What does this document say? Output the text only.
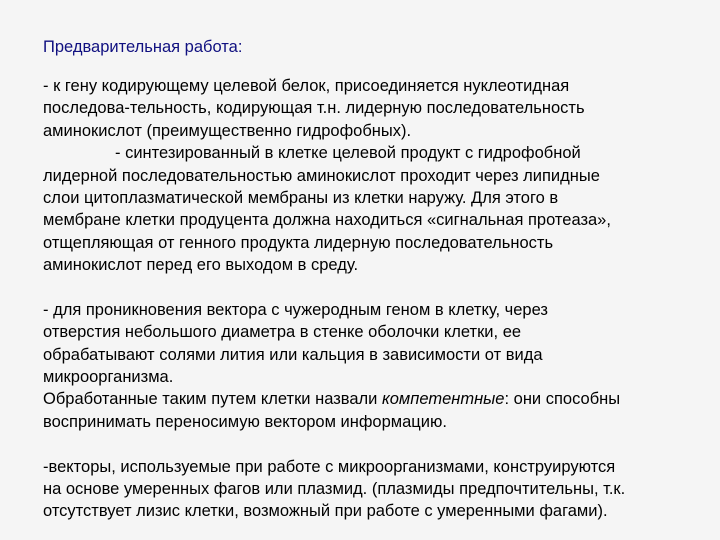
Предварительная работа:
- к гену кодирующему целевой белок, присоединяется нуклеотидная
последова-тельность, кодирующая т.н. лидерную последовательность
аминокислот (преимущественно гидрофобных).
- синтезированный в клетке целевой продукт с гидрофобной
лидерной последовательностью аминокислот проходит через липидные
слои цитоплазматической мембраны из клетки наружу. Для этого в
мембране клетки продуцента должна находиться «сигнальная протеаза»,
отщепляющая от генного продукта лидерную последовательность
аминокислот перед его выходом в среду.
- для проникновения вектора с чужеродным геном в клетку, через
отверстия небольшого диаметра в стенке оболочки клетки, ее
обрабатывают солями лития или кальция в зависимости от вида
микроорганизма.
Обработанные таким путем клетки назвали компетентные: они способны
воспринимать переносимую вектором информацию.
-векторы, используемые при работе с микроорганизмами, конструируются
на основе умеренных фагов или плазмид. (плазмиды предпочтительны, т.к.
отсутствует лизис клетки, возможный при работе с умеренными фагами).
